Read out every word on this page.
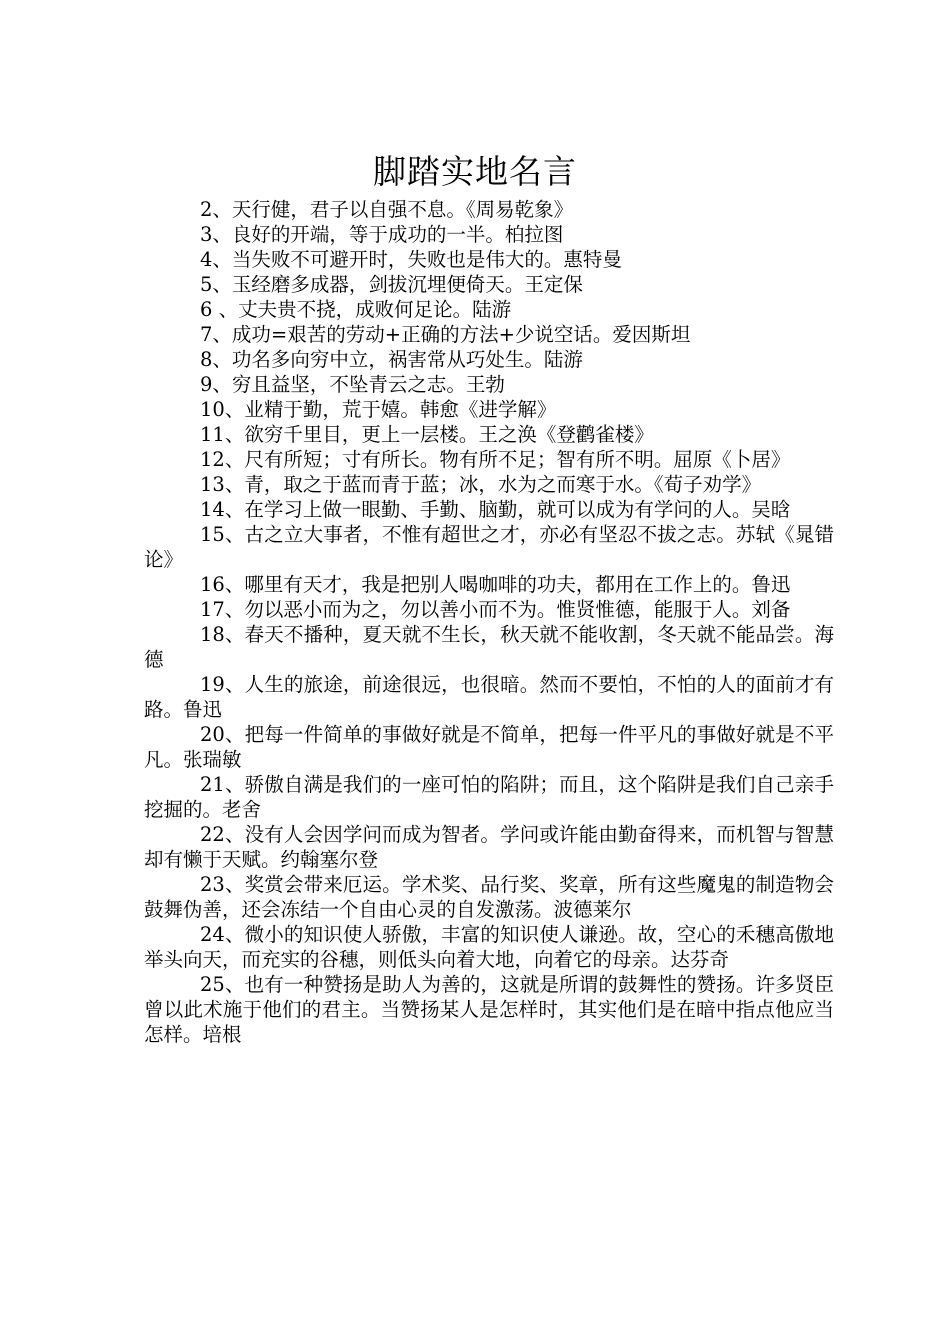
脚踏实地名言

2、天行健，君子以自强不息。《周易乾象》

3、良好的开端，等于成功的一半。柏拉图

4、当失败不可避开时，失败也是伟大的。惠特曼

5、玉经磨多成器，剑拔沉埋便倚天。王定保

6 、丈夫贵不挠，成败何足论。陆游

7、成功=艰苦的劳动+正确的方法+少说空话。爱因斯坦

8、功名多向穷中立，祸害常从巧处生。陆游

9、穷且益坚，不坠青云之志。王勃

10、业精于勤，荒于嬉。韩愈《进学解》

11、欲穷千里目，更上一层楼。王之涣《登鹳雀楼》

12、尺有所短；寸有所长。物有所不足；智有所不明。屈原《卜居》

13、青，取之于蓝而青于蓝；冰，水为之而寒于水。《荀子劝学》

14、在学习上做一眼勤、手勤、脑勤，就可以成为有学问的人。吴晗

15、古之立大事者，不惟有超世之才，亦必有坚忍不拔之志。苏轼《晁错论》

16、哪里有天才，我是把别人喝咖啡的功夫，都用在工作上的。鲁迅

17、勿以恶小而为之，勿以善小而不为。惟贤惟德，能服于人。刘备

18、春天不播种，夏天就不生长，秋天就不能收割，冬天就不能品尝。海德

19、人生的旅途，前途很远，也很暗。然而不要怕，不怕的人的面前才有路。鲁迅

20、把每一件简单的事做好就是不简单，把每一件平凡的事做好就是不平凡。张瑞敏

21、骄傲自满是我们的一座可怕的陷阱；而且，这个陷阱是我们自己亲手挖掘的。老舍

22、没有人会因学问而成为智者。学问或许能由勤奋得来，而机智与智慧却有懒于天赋。约翰塞尔登

23、奖赏会带来厄运。学术奖、品行奖、奖章，所有这些魔鬼的制造物会鼓舞伪善，还会冻结一个自由心灵的自发激荡。波德莱尔

24、微小的知识使人骄傲，丰富的知识使人谦逊。故，空心的禾穗高傲地举头向天，而充实的谷穗，则低头向着大地，向着它的母亲。达芬奇

25、也有一种赞扬是助人为善的，这就是所谓的鼓舞性的赞扬。许多贤臣曾以此术施于他们的君主。当赞扬某人是怎样时，其实他们是在暗中指点他应当怎样。培根
